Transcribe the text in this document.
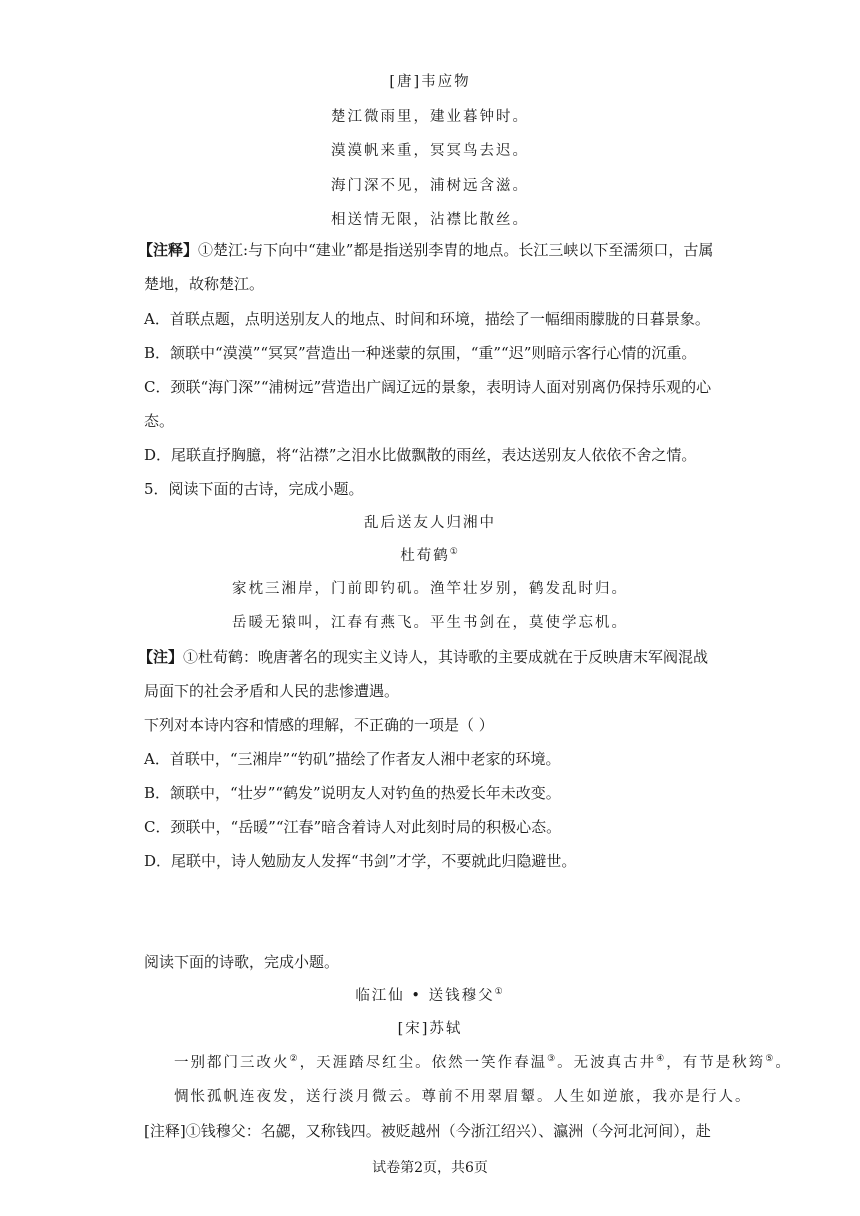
[唐]韦应物
楚江微雨里，建业暮钟时。
漠漠帆来重，冥冥鸟去迟。
海门深不见，浦树远含滋。
相送情无限，沾襟比散丝。
【注释】①楚江:与下向中“建业”都是指送别李胄的地点。长江三峡以下至濡须口，古属
楚地，故称楚江。
A．首联点题，点明送别友人的地点、时间和环境，描绘了一幅细雨朦胧的日暮景象。
B．颔联中“漠漠”“冥冥”营造出一种迷蒙的氛围，“重”“迟”则暗示客行心情的沉重。
C．颈联“海门深”“浦树远”营造出广阔辽远的景象，表明诗人面对别离仍保持乐观的心
态。
D．尾联直抒胸臆，将“沾襟”之泪水比做飘散的雨丝，表达送别友人依依不舍之情。
5．阅读下面的古诗，完成小题。
乱后送友人归湘中
杜荀鹤①
家枕三湘岸，门前即钓矶。渔竿壮岁别，鹤发乱时归。
岳暖无猿叫，江春有燕飞。平生书剑在，莫使学忘机。
【注】①杜荀鹤：晚唐著名的现实主义诗人，其诗歌的主要成就在于反映唐末军阀混战
局面下的社会矛盾和人民的悲惨遭遇。
下列对本诗内容和情感的理解，不正确的一项是（ ）
A．首联中，“三湘岸”“钓矶”描绘了作者友人湘中老家的环境。
B．颔联中，“壮岁”“鹤发”说明友人对钓鱼的热爱长年未改变。
C．颈联中，“岳暖”“江春”暗含着诗人对此刻时局的积极心态。
D．尾联中，诗人勉励友人发挥“书剑”才学，不要就此归隐避世。
阅读下面的诗歌，完成小题。
临江仙 • 送钱穆父①
[宋]苏轼
一别都门三改火②，天涯踏尽红尘。依然一笑作春温③。无波真古井④，有节是秋筠⑤。
惆怅孤帆连夜发，送行淡月微云。尊前不用翠眉颦。人生如逆旅，我亦是行人。
[注释]①钱穆父：名勰，又称钱四。被贬越州（今浙江绍兴）、瀛洲（今河北河间），赴
试卷第2页，共6页
